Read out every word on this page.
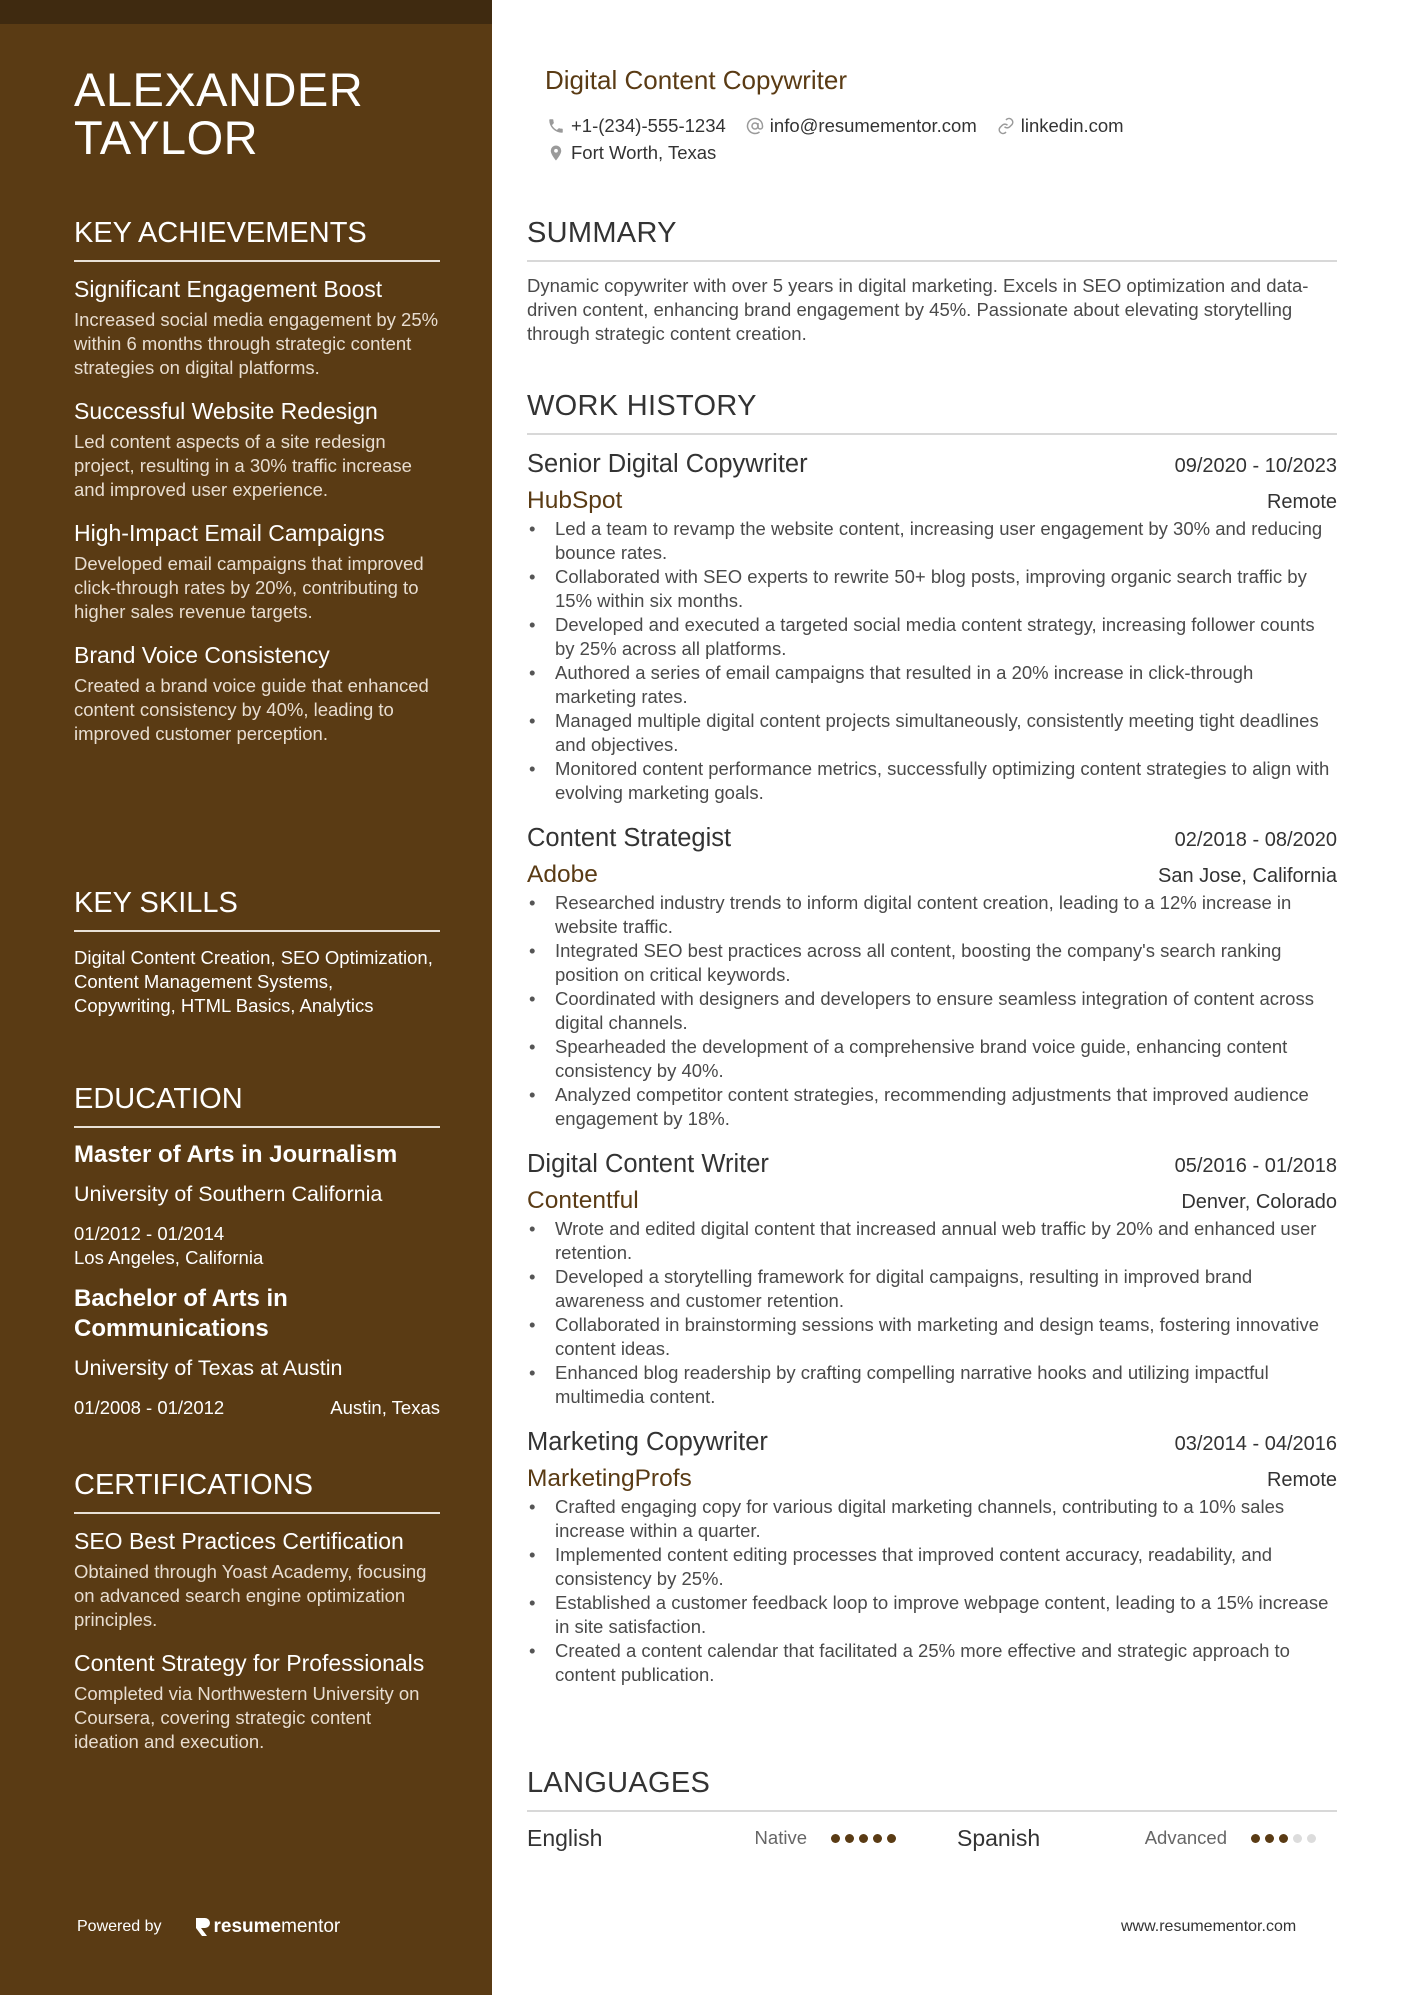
ALEXANDER
TAYLOR
KEY ACHIEVEMENTS
Significant Engagement Boost
Increased social media engagement by 25% within 6 months through strategic content strategies on digital platforms.
Successful Website Redesign
Led content aspects of a site redesign project, resulting in a 30% traffic increase and improved user experience.
High-Impact Email Campaigns
Developed email campaigns that improved click-through rates by 20%, contributing to higher sales revenue targets.
Brand Voice Consistency
Created a brand voice guide that enhanced content consistency by 40%, leading to improved customer perception.
KEY SKILLS
Digital Content Creation, SEO Optimization, Content Management Systems, Copywriting, HTML Basics, Analytics
EDUCATION
Master of Arts in Journalism
University of Southern California
01/2012 - 01/2014
Los Angeles, California
Bachelor of Arts in Communications
University of Texas at Austin
01/2008 - 01/2012	Austin, Texas
CERTIFICATIONS
SEO Best Practices Certification
Obtained through Yoast Academy, focusing on advanced search engine optimization principles.
Content Strategy for Professionals
Completed via Northwestern University on Coursera, covering strategic content ideation and execution.
Powered by	resume mentor
Digital Content Copywriter
+1-(234)-555-1234 info@resumementor.com linkedin.com
Fort Worth, Texas
SUMMARY
Dynamic copywriter with over 5 years in digital marketing. Excels in SEO optimization and data-driven content, enhancing brand engagement by 45%. Passionate about elevating storytelling through strategic content creation.
WORK HISTORY
Senior Digital Copywriter	09/2020 - 10/2023
HubSpot	Remote
• Led a team to revamp the website content, increasing user engagement by 30% and reducing bounce rates.
• Collaborated with SEO experts to rewrite 50+ blog posts, improving organic search traffic by 15% within six months.
• Developed and executed a targeted social media content strategy, increasing follower counts by 25% across all platforms.
• Authored a series of email campaigns that resulted in a 20% increase in click-through marketing rates.
• Managed multiple digital content projects simultaneously, consistently meeting tight deadlines and objectives.
• Monitored content performance metrics, successfully optimizing content strategies to align with evolving marketing goals.
Content Strategist	02/2018 - 08/2020
Adobe	San Jose, California
• Researched industry trends to inform digital content creation, leading to a 12% increase in website traffic.
• Integrated SEO best practices across all content, boosting the company's search ranking position on critical keywords.
• Coordinated with designers and developers to ensure seamless integration of content across digital channels.
• Spearheaded the development of a comprehensive brand voice guide, enhancing content consistency by 40%.
• Analyzed competitor content strategies, recommending adjustments that improved audience engagement by 18%.
Digital Content Writer	05/2016 - 01/2018
Contentful	Denver, Colorado
• Wrote and edited digital content that increased annual web traffic by 20% and enhanced user retention.
• Developed a storytelling framework for digital campaigns, resulting in improved brand awareness and customer retention.
• Collaborated in brainstorming sessions with marketing and design teams, fostering innovative content ideas.
• Enhanced blog readership by crafting compelling narrative hooks and utilizing impactful multimedia content.
Marketing Copywriter	03/2014 - 04/2016
MarketingProfs	Remote
• Crafted engaging copy for various digital marketing channels, contributing to a 10% sales increase within a quarter.
• Implemented content editing processes that improved content accuracy, readability, and consistency by 25%.
• Established a customer feedback loop to improve webpage content, leading to a 15% increase in site satisfaction.
• Created a content calendar that facilitated a 25% more effective and strategic approach to content publication.
LANGUAGES
English	Native	Spanish	Advanced
www.resumementor.com
